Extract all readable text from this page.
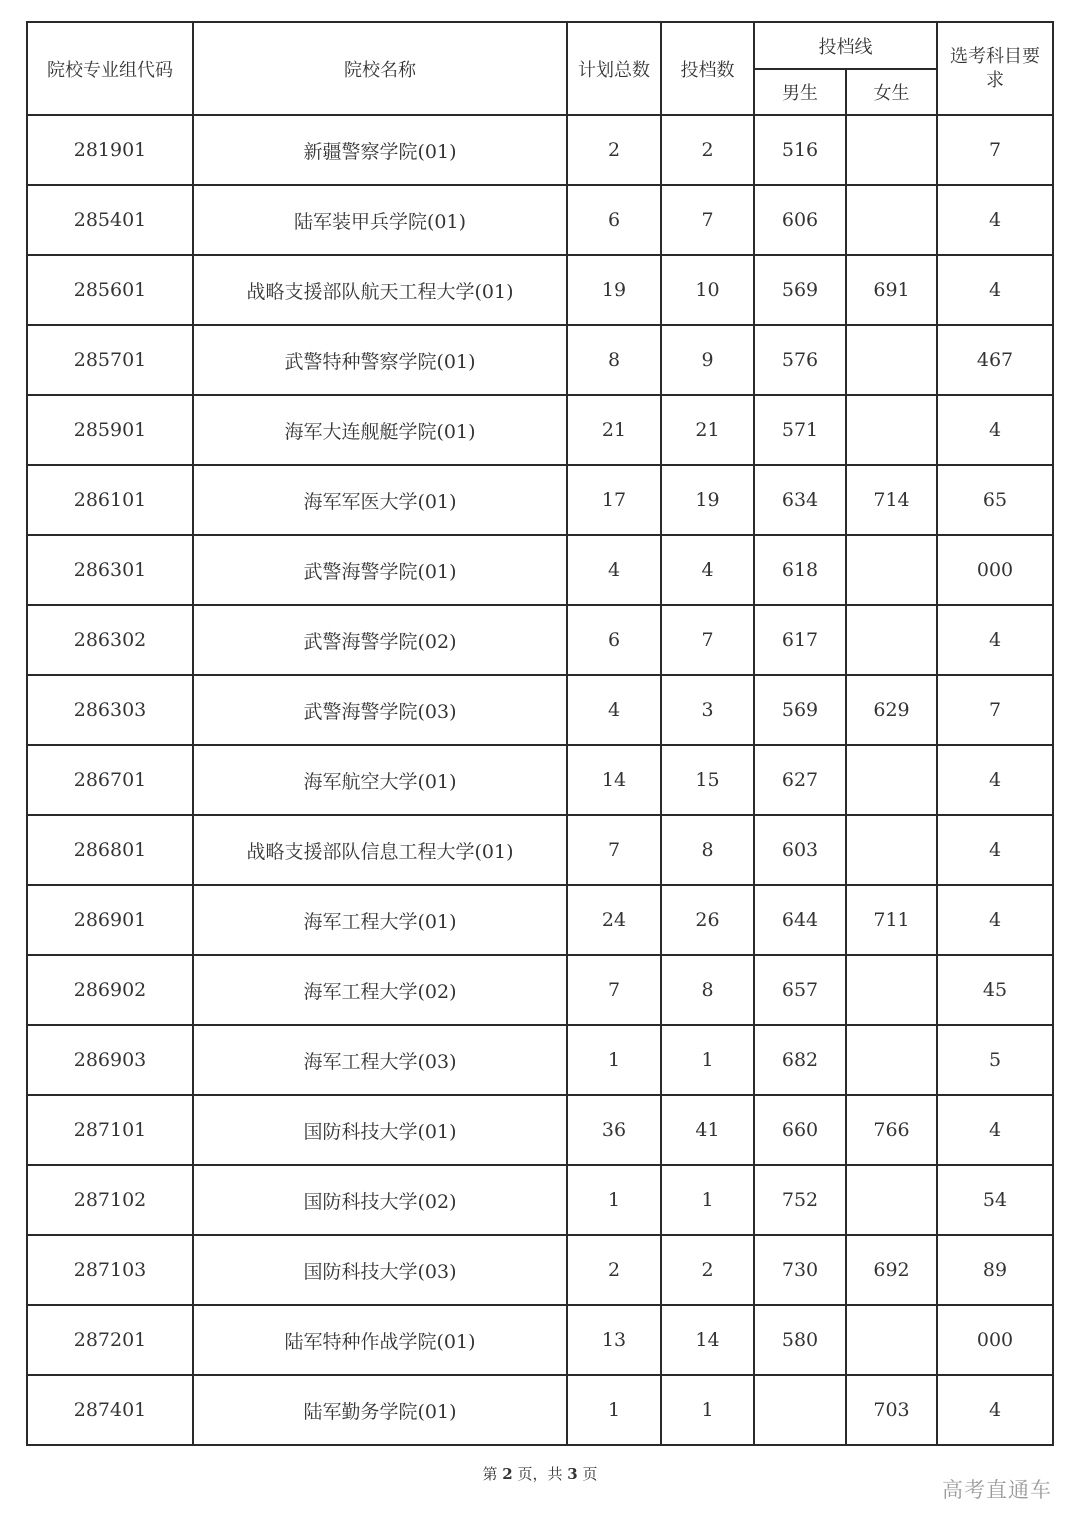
院校专业组代码	院校名称	计划总数	投档数	投档线		选考科目要求
				男生	女生	
281901	新疆警察学院(01)	2	2	516		7
285401	陆军装甲兵学院(01)	6	7	606		4
285601	战略支援部队航天工程大学(01)	19	10	569	691	4
285701	武警特种警察学院(01)	8	9	576		467
285901	海军大连舰艇学院(01)	21	21	571		4
286101	海军军医大学(01)	17	19	634	714	65
286301	武警海警学院(01)	4	4	618		000
286302	武警海警学院(02)	6	7	617		4
286303	武警海警学院(03)	4	3	569	629	7
286701	海军航空大学(01)	14	15	627		4
286801	战略支援部队信息工程大学(01)	7	8	603		4
286901	海军工程大学(01)	24	26	644	711	4
286902	海军工程大学(02)	7	8	657		45
286903	海军工程大学(03)	1	1	682		5
287101	国防科技大学(01)	36	41	660	766	4
287102	国防科技大学(02)	1	1	752		54
287103	国防科技大学(03)	2	2	730	692	89
287201	陆军特种作战学院(01)	13	14	580		000
287401	陆军勤务学院(01)	1	1		703	4
第 2 页，共 3 页
高考直通车
